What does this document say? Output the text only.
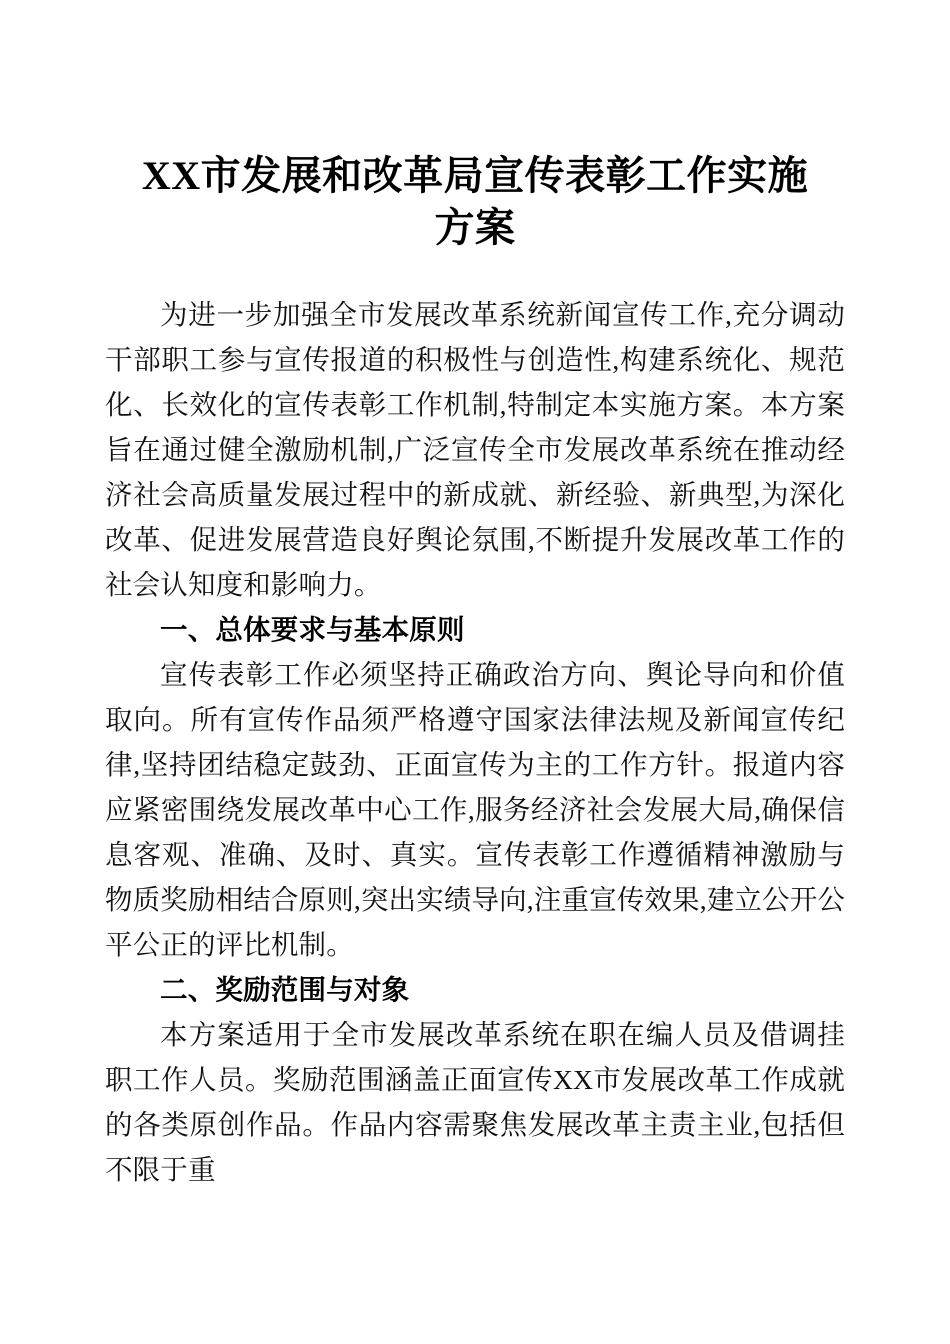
XX市发展和改革局宣传表彰工作实施方案

为进一步加强全市发展改革系统新闻宣传工作,充分调动干部职工参与宣传报道的积极性与创造性,构建系统化、规范化、长效化的宣传表彰工作机制,特制定本实施方案。本方案旨在通过健全激励机制,广泛宣传全市发展改革系统在推动经济社会高质量发展过程中的新成就、新经验、新典型,为深化改革、促进发展营造良好舆论氛围,不断提升发展改革工作的社会认知度和影响力。

一、总体要求与基本原则

宣传表彰工作必须坚持正确政治方向、舆论导向和价值取向。所有宣传作品须严格遵守国家法律法规及新闻宣传纪律,坚持团结稳定鼓劲、正面宣传为主的工作方针。报道内容应紧密围绕发展改革中心工作,服务经济社会发展大局,确保信息客观、准确、及时、真实。宣传表彰工作遵循精神激励与物质奖励相结合原则,突出实绩导向,注重宣传效果,建立公开公平公正的评比机制。

二、奖励范围与对象

本方案适用于全市发展改革系统在职在编人员及借调挂职工作人员。奖励范围涵盖正面宣传XX市发展改革工作成就的各类原创作品。作品内容需聚焦发展改革主责主业,包括但不限于重
